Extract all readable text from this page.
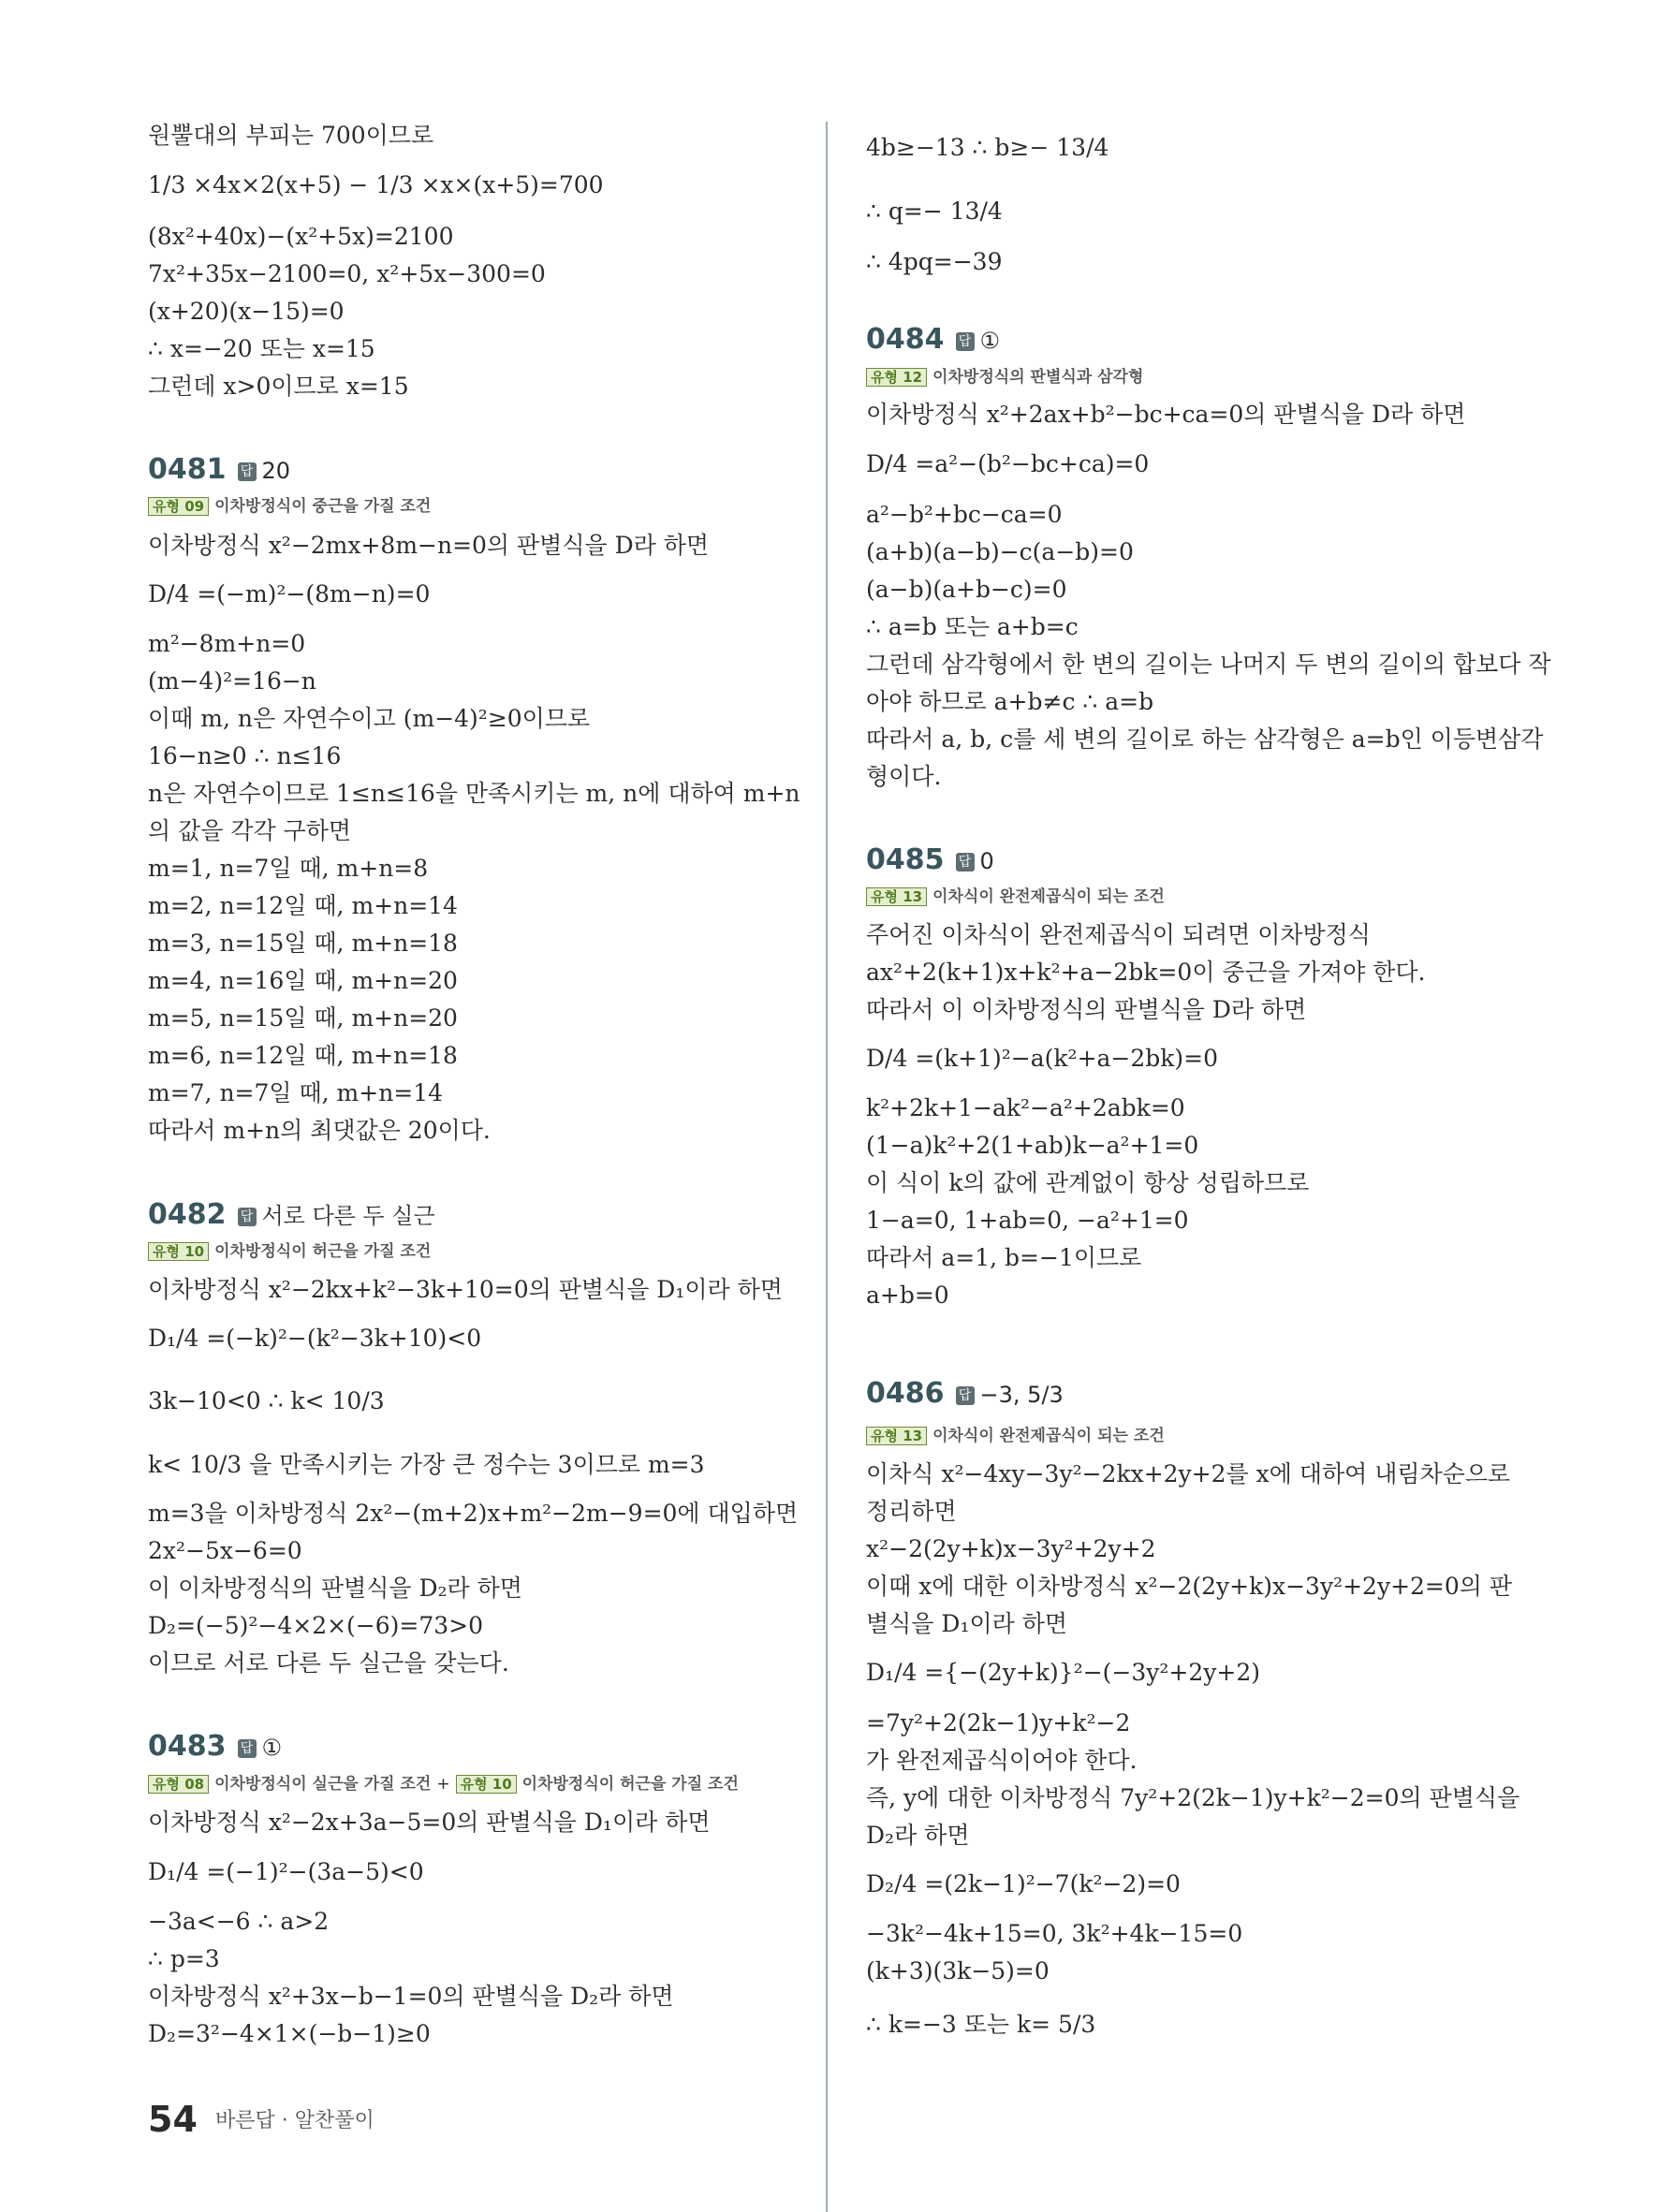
원뿔대의 부피는 700이므로
1/3 ×4x×2(x+5) − 1/3 ×x×(x+5)=700
(8x²+40x)−(x²+5x)=2100
7x²+35x−2100=0, x²+5x−300=0
(x+20)(x−15)=0
∴ x=−20 또는 x=15
그런데 x>0이므로 x=15
이차방정식 x²−2mx+8m−n=0의 판별식을 D라 하면
D/4 =(−m)²−(8m−n)=0
m²−8m+n=0
(m−4)²=16−n
이때 m, n은 자연수이고 (m−4)²≥0이므로
16−n≥0 ∴ n≤16
n은 자연수이므로 1≤n≤16을 만족시키는 m, n에 대하여 m+n
의 값을 각각 구하면
m=1, n=7일 때, m+n=8
m=2, n=12일 때, m+n=14
m=3, n=15일 때, m+n=18
m=4, n=16일 때, m+n=20
m=5, n=15일 때, m+n=20
m=6, n=12일 때, m+n=18
m=7, n=7일 때, m+n=14
따라서 m+n의 최댓값은 20이다.
이차방정식 x²−2kx+k²−3k+10=0의 판별식을 D₁이라 하면
D₁/4 =(−k)²−(k²−3k+10)<0
3k−10<0 ∴ k< 10/3
k< 10/3 을 만족시키는 가장 큰 정수는 3이므로 m=3
m=3을 이차방정식 2x²−(m+2)x+m²−2m−9=0에 대입하면
2x²−5x−6=0
이 이차방정식의 판별식을 D₂라 하면
D₂=(−5)²−4×2×(−6)=73>0
이므로 서로 다른 두 실근을 갖는다.
이차방정식 x²−2x+3a−5=0의 판별식을 D₁이라 하면
D₁/4 =(−1)²−(3a−5)<0
−3a<−6 ∴ a>2
∴ p=3
이차방정식 x²+3x−b−1=0의 판별식을 D₂라 하면
D₂=3²−4×1×(−b−1)≥0
0481 답 20
유형 09 이차방정식이 중근을 가질 조건
0482 답 서로 다른 두 실근
유형 10 이차방정식이 허근을 가질 조건
0483 답 ①
유형 08 이차방정식이 실근을 가질 조건 + 유형 10 이차방정식이 허근을 가질 조건
4b≥−13 ∴ b≥− 13/4
∴ q=− 13/4
∴ 4pq=−39
이차방정식 x²+2ax+b²−bc+ca=0의 판별식을 D라 하면
D/4 =a²−(b²−bc+ca)=0
a²−b²+bc−ca=0
(a+b)(a−b)−c(a−b)=0
(a−b)(a+b−c)=0
∴ a=b 또는 a+b=c
그런데 삼각형에서 한 변의 길이는 나머지 두 변의 길이의 합보다 작
아야 하므로 a+b≠c ∴ a=b
따라서 a, b, c를 세 변의 길이로 하는 삼각형은 a=b인 이등변삼각
형이다.
주어진 이차식이 완전제곱식이 되려면 이차방정식
ax²+2(k+1)x+k²+a−2bk=0이 중근을 가져야 한다.
따라서 이 이차방정식의 판별식을 D라 하면
D/4 =(k+1)²−a(k²+a−2bk)=0
k²+2k+1−ak²−a²+2abk=0
(1−a)k²+2(1+ab)k−a²+1=0
이 식이 k의 값에 관계없이 항상 성립하므로
1−a=0, 1+ab=0, −a²+1=0
따라서 a=1, b=−1이므로
a+b=0
이차식 x²−4xy−3y²−2kx+2y+2를 x에 대하여 내림차순으로
정리하면
x²−2(2y+k)x−3y²+2y+2
이때 x에 대한 이차방정식 x²−2(2y+k)x−3y²+2y+2=0의 판
별식을 D₁이라 하면
D₁/4 ={−(2y+k)}²−(−3y²+2y+2)
=7y²+2(2k−1)y+k²−2
가 완전제곱식이어야 한다.
즉, y에 대한 이차방정식 7y²+2(2k−1)y+k²−2=0의 판별식을
D₂라 하면
D₂/4 =(2k−1)²−7(k²−2)=0
−3k²−4k+15=0, 3k²+4k−15=0
(k+3)(3k−5)=0
∴ k=−3 또는 k= 5/3
0484 답 ①
유형 12 이차방정식의 판별식과 삼각형
0485 답 0
유형 13 이차식이 완전제곱식이 되는 조건
0486 답 −3, 5/3
유형 13 이차식이 완전제곱식이 되는 조건
54 바른답 · 알찬풀이
